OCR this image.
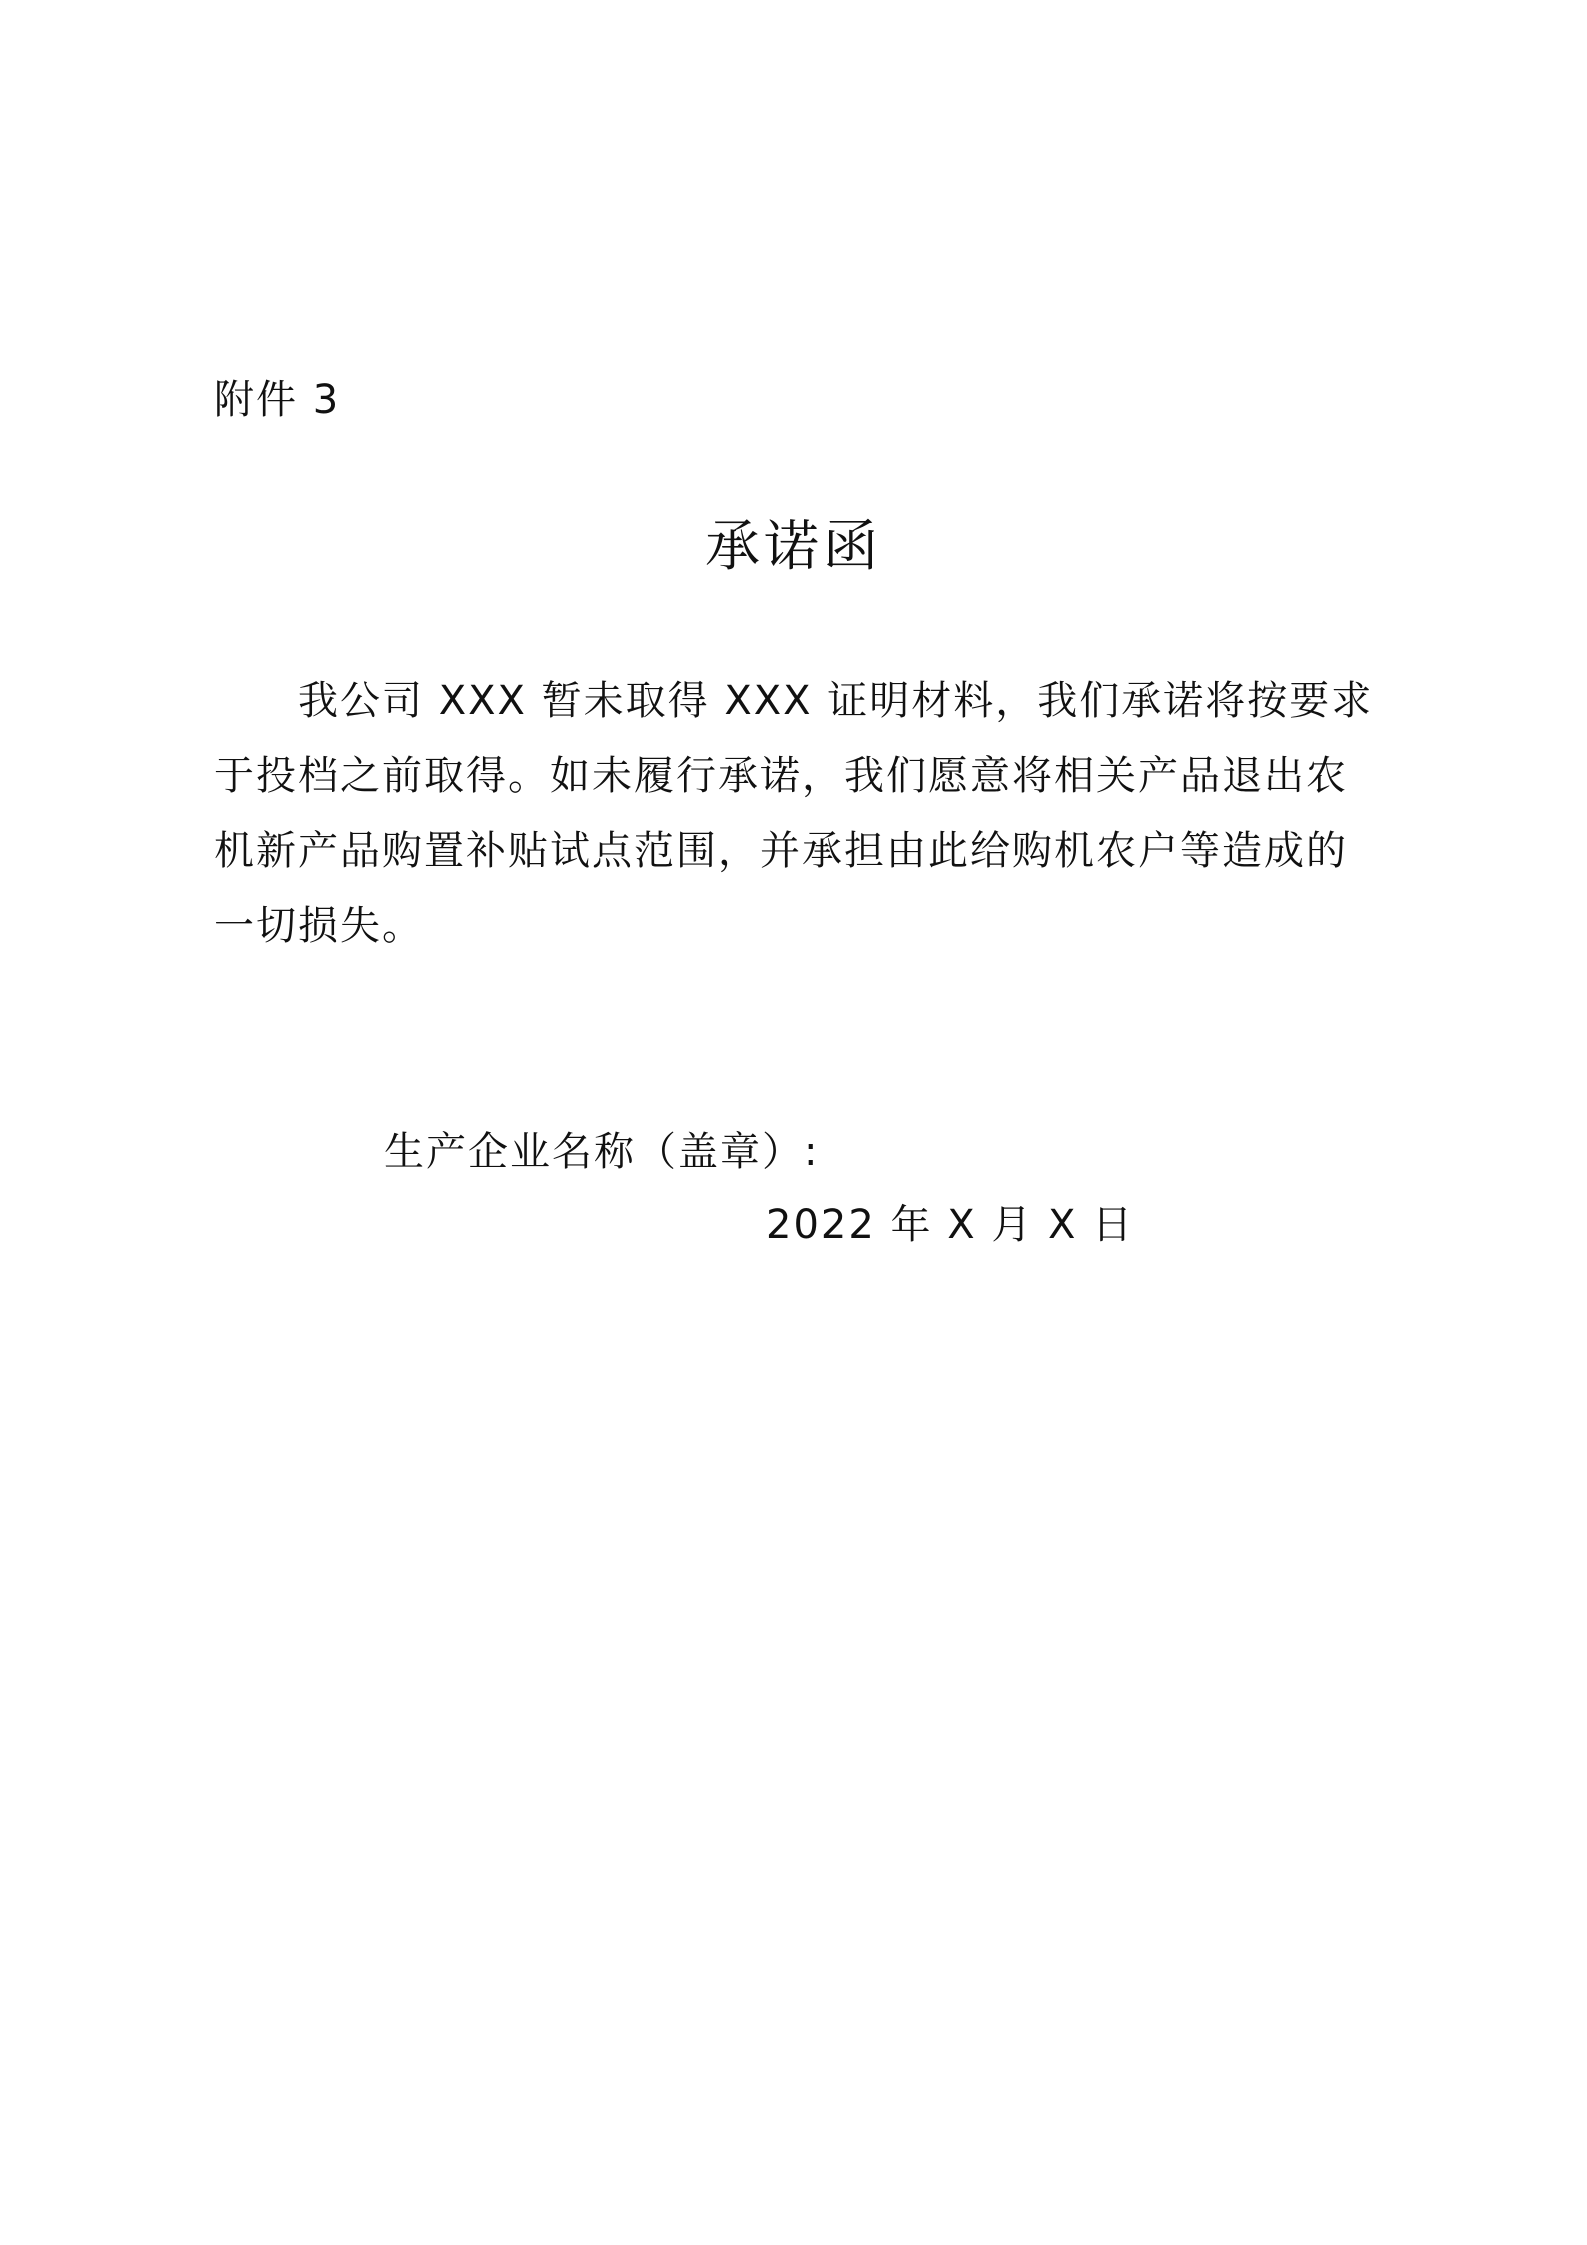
附件 3
承诺函
我公司 XXX 暂未取得 XXX 证明材料，我们承诺将按要求
于投档之前取得。如未履行承诺，我们愿意将相关产品退出农
机新产品购置补贴试点范围，并承担由此给购机农户等造成的
一切损失。
生产企业名称（盖章）:
2022 年 X 月 X 日
